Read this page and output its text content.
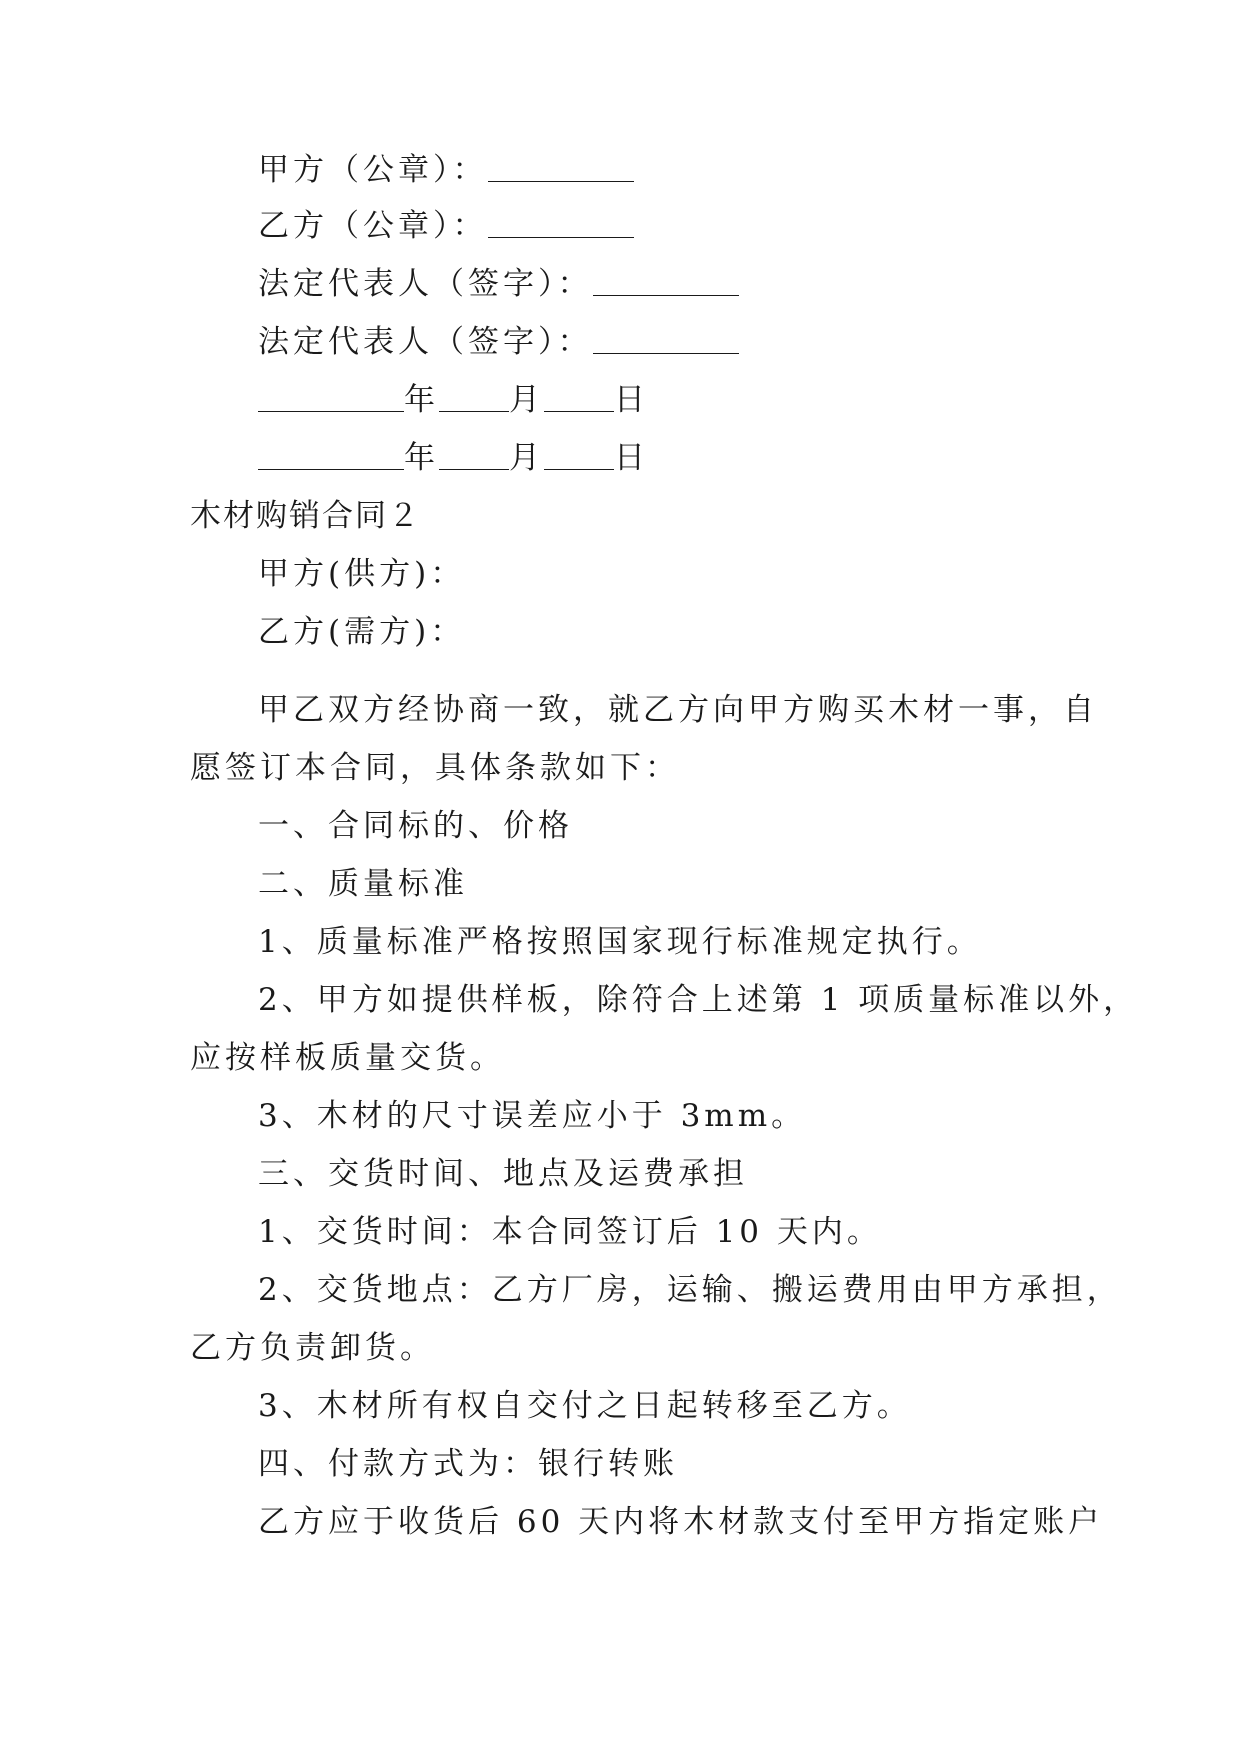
甲方（公章）：
乙方（公章）：
法定代表人（签字）：
法定代表人（签字）：
年 月 日
年 月 日
木材购销合同２
甲方(供方)：
乙方(需方)：
甲乙双方经协商一致，就乙方向甲方购买木材一事，自
愿签订本合同，具体条款如下：
一、合同标的、价格
二、质量标准
1、质量标准严格按照国家现行标准规定执行。
2、甲方如提供样板，除符合上述第 1 项质量标准以外，
应按样板质量交货。
3、木材的尺寸误差应小于 3mm。
三、交货时间、地点及运费承担
1、交货时间：本合同签订后 10 天内。
2、交货地点：乙方厂房，运输、搬运费用由甲方承担，
乙方负责卸货。
3、木材所有权自交付之日起转移至乙方。
四、付款方式为：银行转账
乙方应于收货后 60 天内将木材款支付至甲方指定账户
